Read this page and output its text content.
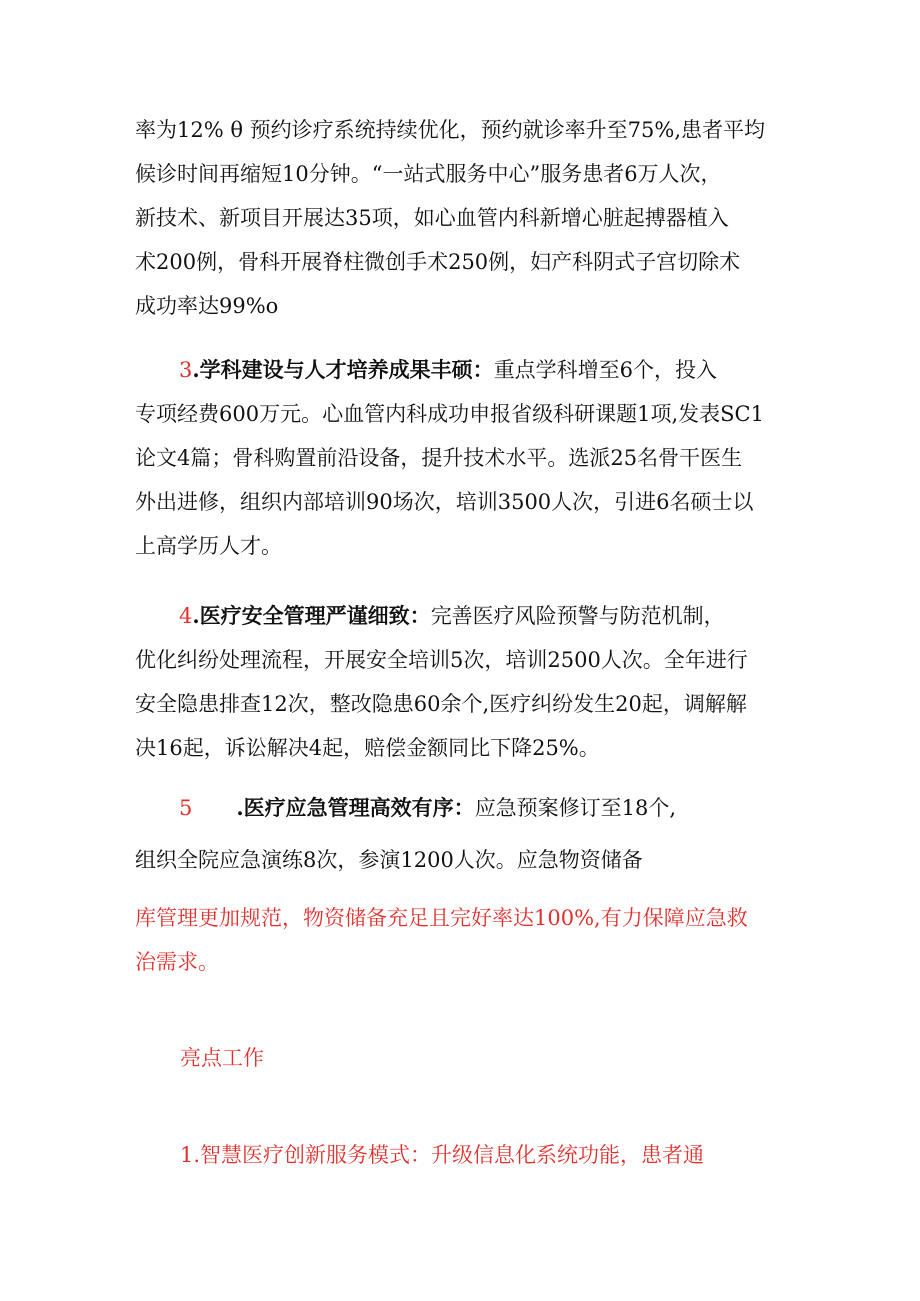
率为12% θ 预约诊疗系统持续优化，预约就诊率升至75%,患者平均
候诊时间再缩短10分钟。“一站式服务中心”服务患者6万人次，
新技术、新项目开展达35项，如心血管内科新增心脏起搏器植入
术200例，骨科开展脊柱微创手术250例，妇产科阴式子宫切除术
成功率达99%o
3.学科建设与人才培养成果丰硕：重点学科增至6个，投入
专项经费600万元。心血管内科成功申报省级科研课题1项,发表SC1
论文4篇；骨科购置前沿设备，提升技术水平。选派25名骨干医生
外出进修，组织内部培训90场次，培训3500人次，引进6名硕士以
上高学历人才。
4.医疗安全管理严谨细致：完善医疗风险预警与防范机制，
优化纠纷处理流程，开展安全培训5次，培训2500人次。全年进行
安全隐患排查12次，整改隐患60余个,医疗纠纷发生20起，调解解
决16起，诉讼解决4起，赔偿金额同比下降25%。
5 .医疗应急管理高效有序：应急预案修订至18个,
组织全院应急演练8次，参演1200人次。应急物资储备
库管理更加规范，物资储备充足且完好率达100%,有力保障应急救
治需求。
亮点工作
1.智慧医疗创新服务模式：升级信息化系统功能，患者通
